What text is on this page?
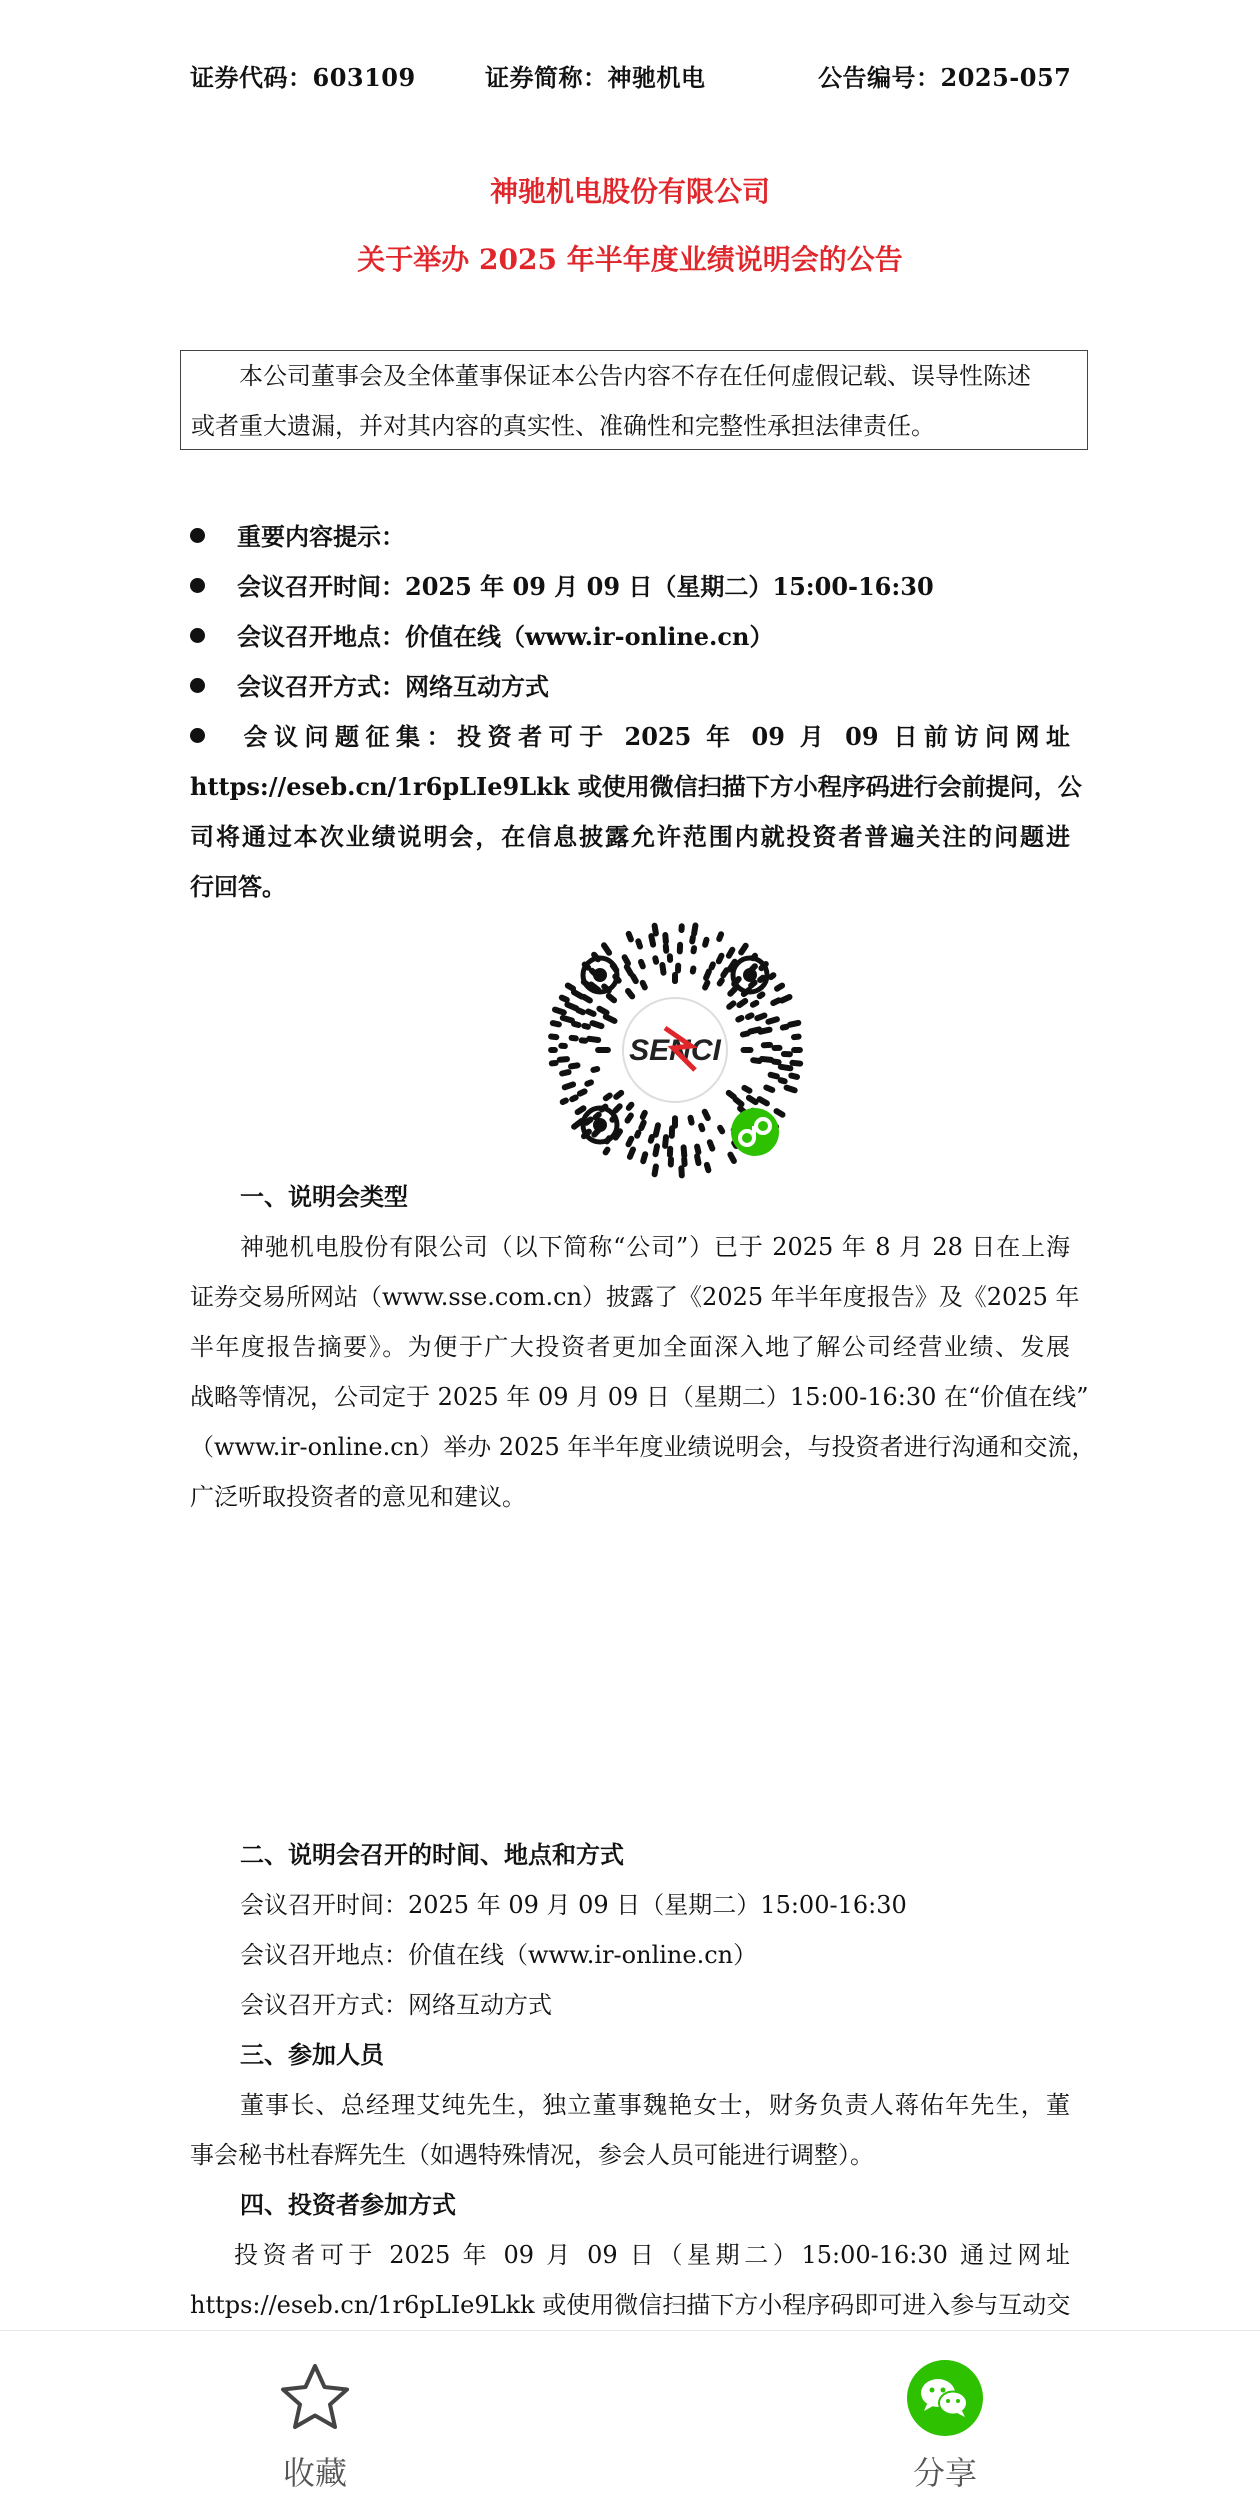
证券代码：603109	证券简称：神驰机电	公告编号：2025-057
神驰机电股份有限公司
关于举办 2025 年半年度业绩说明会的公告

本公司董事会及全体董事保证本公告内容不存在任何虚假记载、误导性陈述

或者重大遗漏，并对其内容的真实性、准确性和完整性承担法律责任。

重要内容提示：
会议召开时间：2025 年 09 月 09 日（星期二）15:00-16:30
会议召开地点：价值在线（www.ir-online.cn）
会议召开方式：网络互动方式
会议问题征集：投资者可于 2025 年 09 月 09 日前访问网址
https://eseb.cn/1r6pLIe9Lkk 或使用微信扫描下方小程序码进行会前提问，公
司将通过本次业绩说明会，在信息披露允许范围内就投资者普遍关注的问题进
行回答。
SENCI
一、说明会类型
神驰机电股份有限公司（以下简称“公司”）已于 2025 年 8 月 28 日在上海
证券交易所网站（www.sse.com.cn）披露了《2025 年半年度报告》及《2025 年
半年度报告摘要》。为便于广大投资者更加全面深入地了解公司经营业绩、发展
战略等情况，公司定于 2025 年 09 月 09 日（星期二）15:00-16:30 在“价值在线”
（www.ir-online.cn）举办 2025 年半年度业绩说明会，与投资者进行沟通和交流，
广泛听取投资者的意见和建议。
二、说明会召开的时间、地点和方式
会议召开时间：2025 年 09 月 09 日（星期二）15:00-16:30
会议召开地点：价值在线（www.ir-online.cn）
会议召开方式：网络互动方式
三、参加人员
董事长、总经理艾纯先生，独立董事魏艳女士，财务负责人蒋佑年先生，董
事会秘书杜春辉先生（如遇特殊情况，参会人员可能进行调整）。
四、投资者参加方式
投资者可于 2025 年 09 月 09 日（星期二）15:00-16:30 通过网址
https://eseb.cn/1r6pLIe9Lkk 或使用微信扫描下方小程序码即可进入参与互动交
收藏	分享
